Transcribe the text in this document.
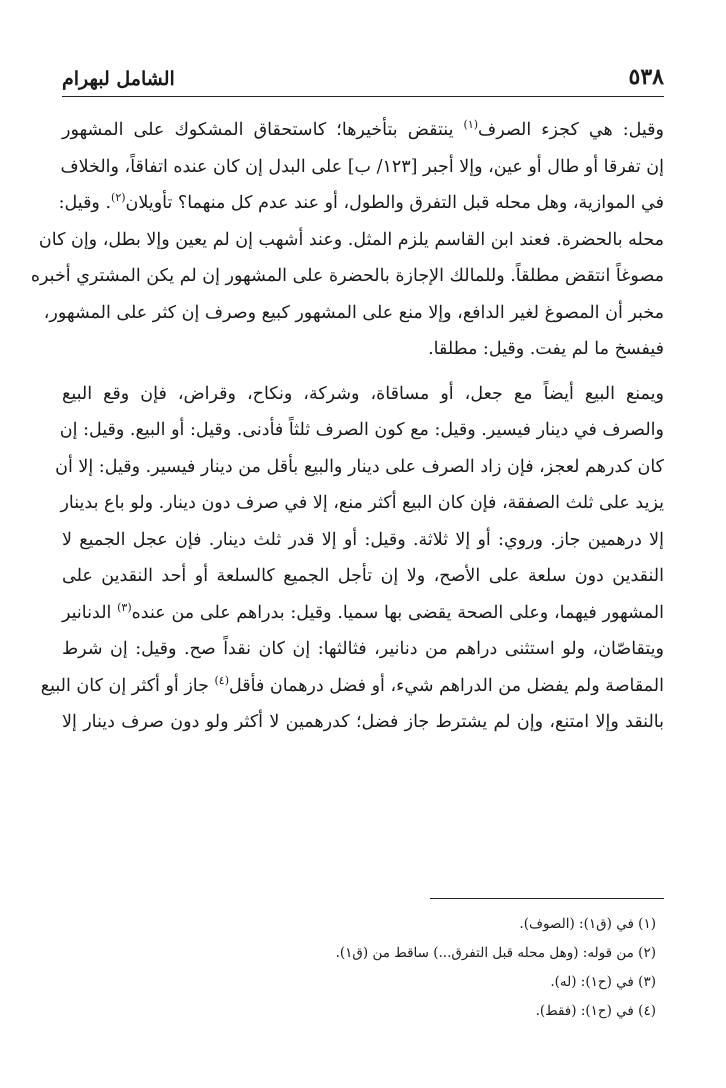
٥٣٨
الشامل لبهرام

وقيل: هي كجزء الصرف$^{(١)}$ ينتقض بتأخيرها؛ كاستحقاق المشكوك على المشهور
إن تفرقا أو طال أو عين، وإلا أجبر [١٢٣/ ب] على البدل إن كان عنده اتفاقاً، والخلاف
في الموازية، وهل محله قبل التفرق والطول، أو عند عدم كل منهما؟ تأويلان$^{(٢)}$. وقيل:
محله بالحضرة. فعند ابن القاسم يلزم المثل. وعند أشهب إن لم يعين وإلا بطل، وإن كان
مصوغاً انتقض مطلقاً. وللمالك الإجازة بالحضرة على المشهور إن لم يكن المشتري أخبره
مخبر أن المصوغ لغير الدافع، وإلا منع على المشهور كبيع وصرف إن كثر على المشهور،
فيفسخ ما لم يفت. وقيل: مطلقا.

ويمنع البيع أيضاً مع جعل، أو مساقاة، وشركة، ونكاح، وقراض، فإن وقع البيع
والصرف في دينار فيسير. وقيل: مع كون الصرف ثلثاً فأدنى. وقيل: أو البيع. وقيل: إن
كان كدرهم لعجز، فإن زاد الصرف على دينار والبيع بأقل من دينار فيسير. وقيل: إلا أن
يزيد على ثلث الصفقة، فإن كان البيع أكثر منع، إلا في صرف دون دينار. ولو باع بدينار
إلا درهمين جاز. وروي: أو إلا ثلاثة. وقيل: أو إلا قدر ثلث دينار. فإن عجل الجميع لا
النقدين دون سلعة على الأصح، ولا إن تأجل الجميع كالسلعة أو أحد النقدين على
المشهور فيهما، وعلى الصحة يقضى بها سميا. وقيل: بدراهم على من عنده$^{(٣)}$ الدنانير
ويتقاصّان، ولو استثنى دراهم من دنانير، فثالثها: إن كان نقداً صح. وقيل: إن شرط
المقاصة ولم يفضل من الدراهم شيء، أو فضل درهمان فأقل$^{(٤)}$ جاز أو أكثر إن كان البيع
بالنقد وإلا امتنع، وإن لم يشترط جاز فضل؛ كدرهمين لا أكثر ولو دون صرف دينار إلا

(١) في (ق١): (الصوف).
(٢) من قوله: (وهل محله قبل التفرق...) ساقط من (ق١).
(٣) في (ح١): (له).
(٤) في (ح١): (فقط).
